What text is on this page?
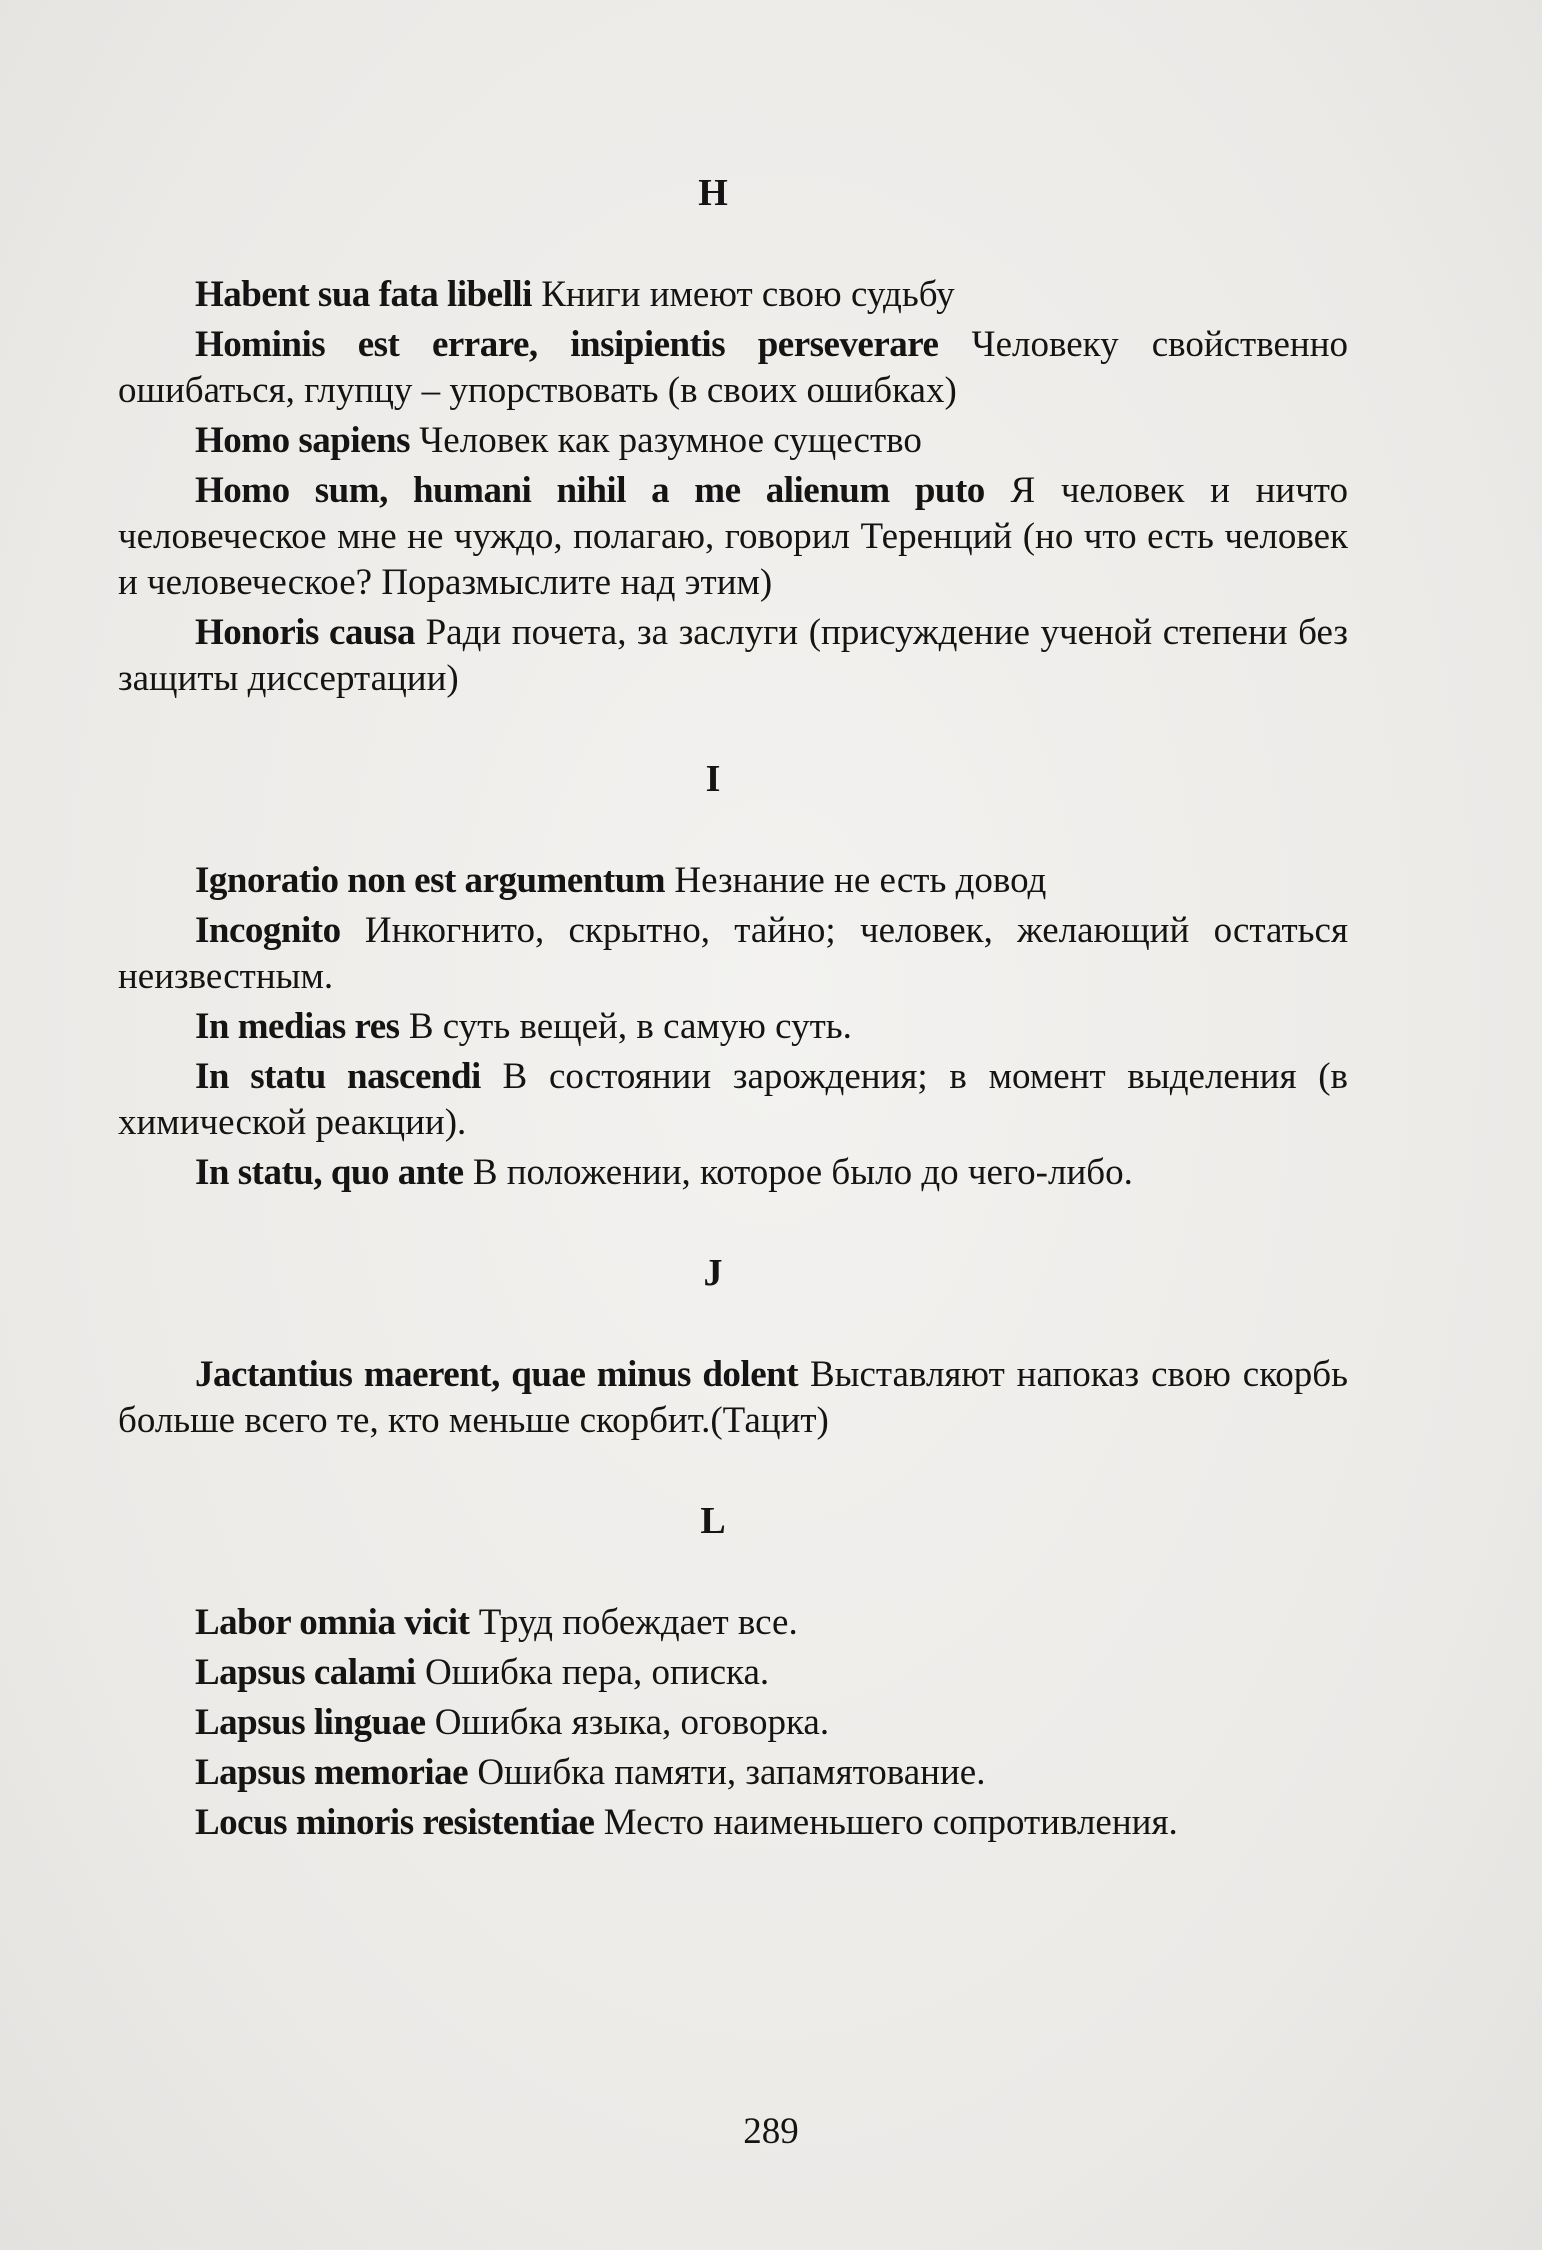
H

Habent sua fata libelli Книги имеют свою судьбу

Hominis est errare, insipientis perseverare Человеку свойственно ошибаться, глупцу – упорствовать (в своих ошибках)

Homo sapiens Человек как разумное существо

Homo sum, humani nihil a me alienum puto Я человек и ничто человеческое мне не чуждо, полагаю, говорил Теренций (но что есть человек и человеческое? Поразмыслите над этим)

Honoris causa Ради почета, за заслуги (присуждение ученой степени без защиты диссертации)

I

Ignoratio non est argumentum Незнание не есть довод

Incognito Инкогнито, скрытно, тайно; человек, желающий остаться неизвестным.

In medias res В суть вещей, в самую суть.

In statu nascendi В состоянии зарождения; в момент выделения (в химической реакции).

In statu, quo ante В положении, которое было до чего-либо.

J

Jactantius maerent, quae minus dolent Выставляют напоказ свою скорбь больше всего те, кто меньше скорбит.(Тацит)

L

Labor omnia vicit Труд побеждает все.

Lapsus calami Ошибка пера, описка.

Lapsus linguae Ошибка языка, оговорка.

Lapsus memoriae Ошибка памяти, запамятование.

Locus minoris resistentiae Место наименьшего сопротивления.

289
